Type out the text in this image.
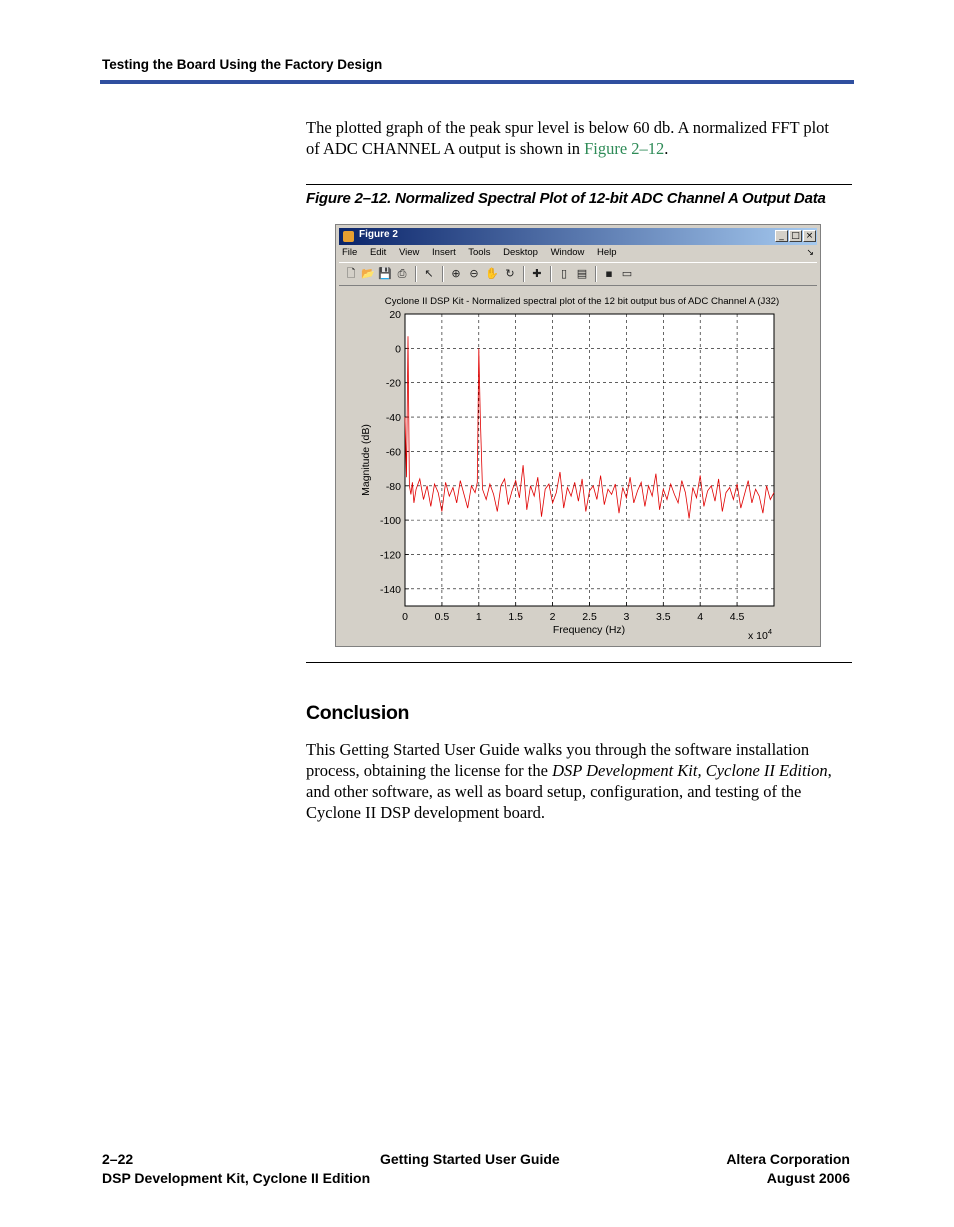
Testing the Board Using the Factory Design

The plotted graph of the peak spur level is below 60 db. A normalized FFT plot of ADC CHANNEL A output is shown in Figure 2–12.

Figure 2–12. Normalized Spectral Plot of 12-bit ADC Channel A Output Data
Figure 2	_ □ ×
File Edit View Insert Tools Desktop Window Help	↘
🗋 📂 💾 ⎙ ↖ ⊕ ⊖ ✋ ↻ ✚	▯ ▤ ▪ ▭
0	0.5	1	1.5	2	2.5	3	3.5	4	4.5
20
0
-20
-40
-60
-80
-100
-120
-140
Cyclone II DSP Kit - Normalized spectral plot of the 12 bit output bus of ADC Channel A (J32)
Frequency (Hz)
Magnitude (dB)
x $10^4$
Conclusion

This Getting Started User Guide walks you through the software installation process, obtaining the license for the DSP Development Kit, Cyclone II Edition, and other software, as well as board setup, configuration, and testing of the Cyclone II DSP development board.

2–22	Getting Started User Guide	Altera Corporation
DSP Development Kit, Cyclone II Edition	August 2006
